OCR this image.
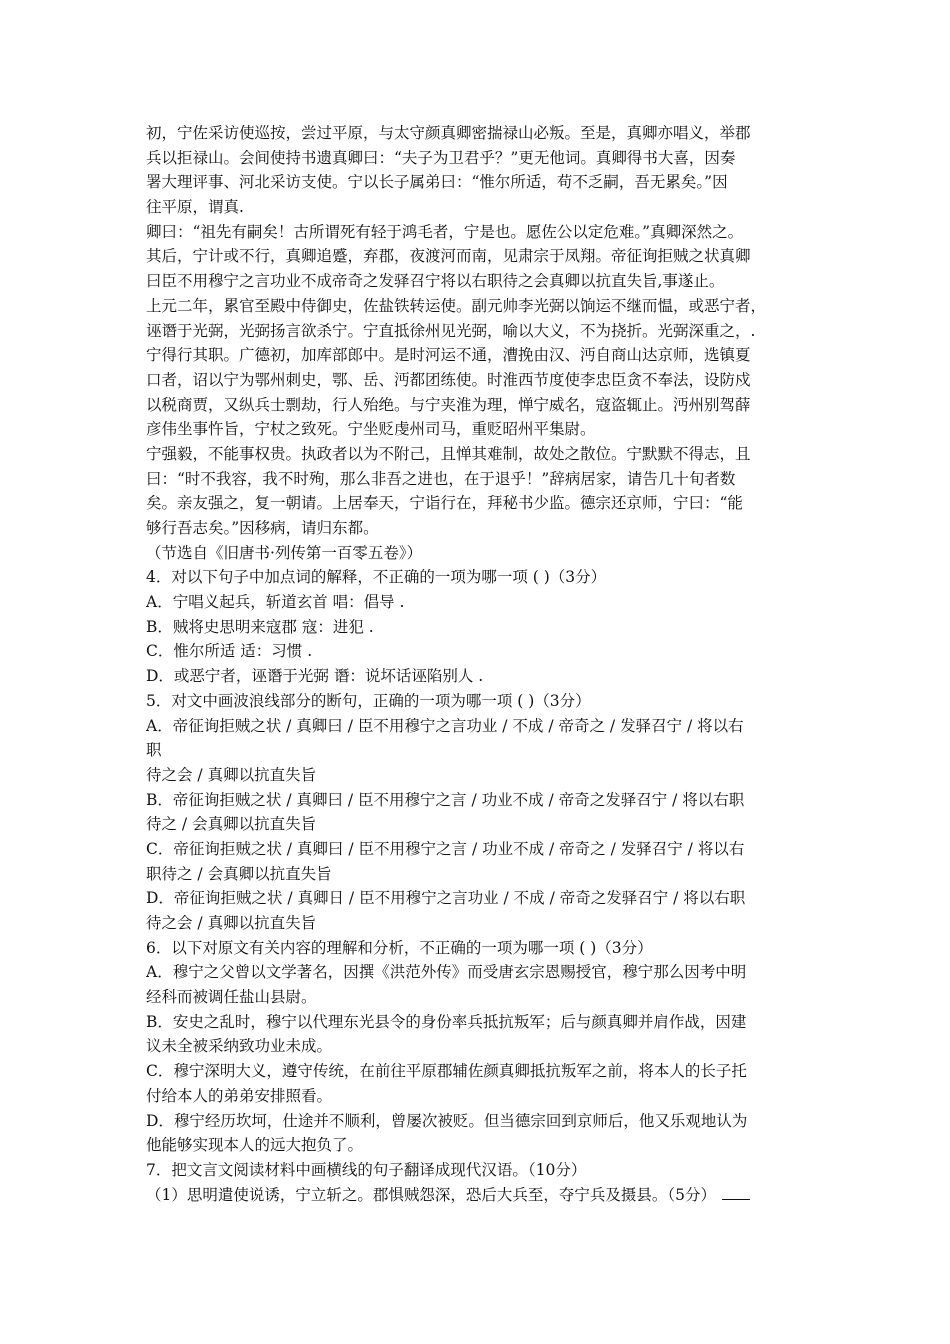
初，宁佐采访使巡按，尝过平原，与太守颜真卿密揣禄山必叛。至是，真卿亦唱义，举郡
兵以拒禄山。会间使持书遗真卿曰：“夫子为卫君乎？”更无他词。真卿得书大喜，因奏
署大理评事、河北采访支使。宁以长子属弟曰：“惟尔所适，苟不乏嗣，吾无累矣。”因
往平原，谓真.
卿曰：“祖先有嗣矣！古所谓死有轻于鸿毛者，宁是也。愿佐公以定危难。”真卿深然之。
其后，宁计或不行，真卿追蹙，弃郡，夜渡河而南，见肃宗于凤翔。帝征询拒贼之状真卿
曰臣不用穆宁之言功业不成帝奇之发驿召宁将以右职待之会真卿以抗直失旨,事遂止。
上元二年，累官至殿中侍御史，佐盐铁转运使。副元帅李光弼以饷运不继而愠，或恶宁者，
诬谮于光弼，光弼扬言欲杀宁。宁直抵徐州见光弼，喻以大义，不为挠折。光弼深重之，.
宁得行其职。广德初，加库部郎中。是时河运不通，漕挽由汉、沔自商山达京师，选镇夏
口者，诏以宁为鄂州刺史，鄂、岳、沔都团练使。时淮西节度使李忠臣贪不奉法，设防戍
以税商贾，又纵兵士剽劫，行人殆绝。与宁夹淮为理，惮宁威名，寇盗辄止。沔州别驾薛
彦伟坐事忤旨，宁杖之致死。宁坐贬虔州司马，重贬昭州平集尉。
宁强毅，不能事权贵。执政者以为不附己，且惮其难制，故处之散位。宁默默不得志，且
曰：“时不我容，我不时殉，那么非吾之进也，在于退乎！”辞病居家，请告几十旬者数
矣。亲友强之，复一朝请。上居奉天，宁诣行在，拜秘书少监。德宗还京师，宁曰：“能
够行吾志矣。”因移病，请归东都。
（节选自《旧唐书·列传第一百零五卷》）
4．对以下句子中加点词的解释，不正确的一项为哪一项 ( )（3分）
A．宁唱义起兵，斩道玄首 唱：倡导 .
B．贼将史思明来寇郡 寇：进犯 .
C．惟尔所适 适：习惯 .
D．或恶宁者，诬谮于光弼 谮：说坏话诬陷别人 .
5．对文中画波浪线部分的断句，正确的一项为哪一项 ( )（3分）
A．帝征询拒贼之状 / 真卿曰 / 臣不用穆宁之言功业 / 不成 / 帝奇之 / 发驿召宁 / 将以右
职
待之会 / 真卿以抗直失旨
B．帝征询拒贼之状 / 真卿曰 / 臣不用穆宁之言 / 功业不成 / 帝奇之发驿召宁 / 将以右职
待之 / 会真卿以抗直失旨
C．帝征询拒贼之状 / 真卿曰 / 臣不用穆宁之言 / 功业不成 / 帝奇之 / 发驿召宁 / 将以右
职待之 / 会真卿以抗直失旨
D．帝征询拒贼之状 / 真卿日 / 臣不用穆宁之言功业 / 不成 / 帝奇之发驿召宁 / 将以右职
待之会 / 真卿以抗直失旨
6．以下对原文有关内容的理解和分析，不正确的一项为哪一项 ( )（3分）
A．穆宁之父曾以文学著名，因撰《洪范外传》而受唐玄宗恩赐授官，穆宁那么因考中明
经科而被调任盐山县尉。
B．安史之乱时，穆宁以代理东光县令的身份率兵抵抗叛军；后与颜真卿并肩作战，因建
议未全被采纳致功业未成。
C．穆宁深明大义，遵守传统，在前往平原郡辅佐颜真卿抵抗叛军之前，将本人的长子托
付给本人的弟弟安排照看。
D．穆宁经历坎坷，仕途并不顺利，曾屡次被贬。但当德宗回到京师后，他又乐观地认为
他能够实现本人的远大抱负了。
7．把文言文阅读材料中画横线的句子翻译成现代汉语。（10分）
（1）思明遣使说诱，宁立斩之。郡惧贼怨深，恐后大兵至，夺宁兵及摄县。（5分）
